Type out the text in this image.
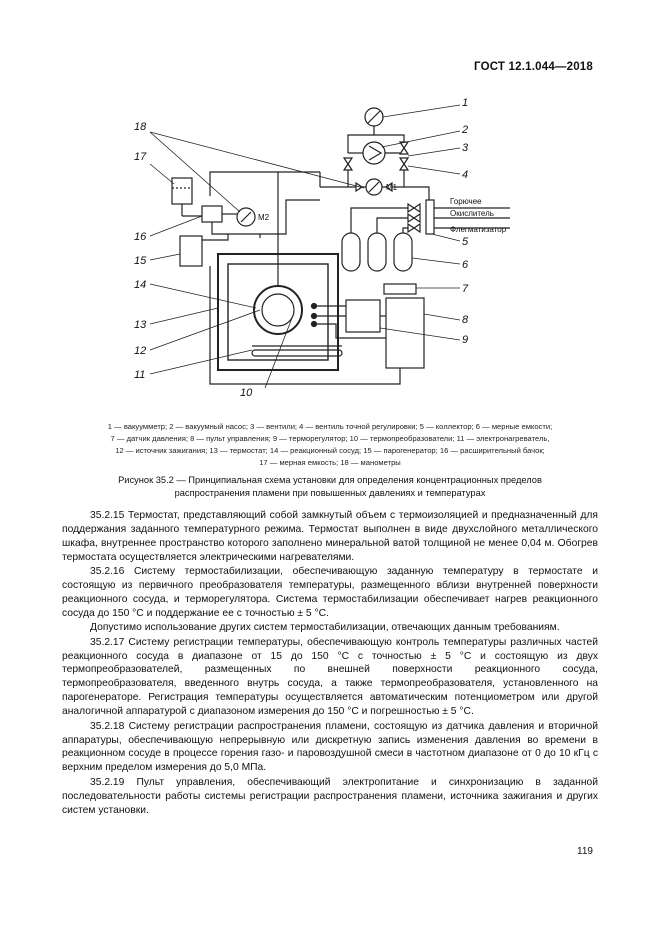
ГОСТ 12.1.044—2018
1
2
3
4
5
6
7
8
9
10
11
12
13
14
15
16
17
18
М1
М2
Горючее
Окислитель
Флегматизатор
1 — вакуумметр; 2 — вакуумный насос; 3 — вентили; 4 — вентиль точной регулировки; 5 — коллектор; 6 — мерные емкости;
7 — датчик давления; 8 — пульт управления; 9 — терморегулятор; 10 — термопреобразователи; 11 — электронагреватель,
12 — источник зажигания; 13 — термостат; 14 — реакционный сосуд; 15 — парогенератор; 16 — расширительный бачок;
17 — мерная емкость; 18 — манометры
Рисунок 35.2 — Принципиальная схема установки для определения концентрационных пределов
распространения пламени при повышенных давлениях и температурах

35.2.15 Термостат, представляющий собой замкнутый объем с термоизоляцией и предназначенный для поддержания заданного температурного режима. Термостат выполнен в виде двухслойного металлического шкафа, внутреннее пространство которого заполнено минеральной ватой толщиной не менее 0,04 м. Обогрев термостата осуществляется электрическими нагревателями.

35.2.16 Систему термостабилизации, обеспечивающую заданную температуру в термостате и состоящую из первичного преобразователя температуры, размещенного вблизи внутренней поверхности реакционного сосуда, и терморегулятора. Система термостабилизации обеспечивает нагрев реакционного сосуда до 150 °С и поддержание ее с точностью ± 5 °С.

Допустимо использование других систем термостабилизации, отвечающих данным требованиям.

35.2.17 Систему регистрации температуры, обеспечивающую контроль температуры различных частей реакционного сосуда в диапазоне от 15 до 150 °С с точностью ± 5 °С и состоящую из двух термопреобразователей, размещенных по внешней поверхности реакционного сосуда, термопреобразователя, введенного внутрь сосуда, а также термопреобразователя, установленного на парогенераторе. Регистрация температуры осуществляется автоматическим потенциометром или другой аналогичной аппаратурой с диапазоном измерения до 150 °С и погрешностью ± 5 °С.

35.2.18 Систему регистрации распространения пламени, состоящую из датчика давления и вторичной аппаратуры, обеспечивающую непрерывную или дискретную запись изменения давления во времени в реакционном сосуде в процессе горения газо- и паровоздушной смеси в частотном диапазоне от 0 до 10 кГц с верхним пределом измерения до 5,0 МПа.

35.2.19 Пульт управления, обеспечивающий электропитание и синхронизацию в заданной последовательности работы системы регистрации распространения пламени, источника зажигания и других систем установки.

119
